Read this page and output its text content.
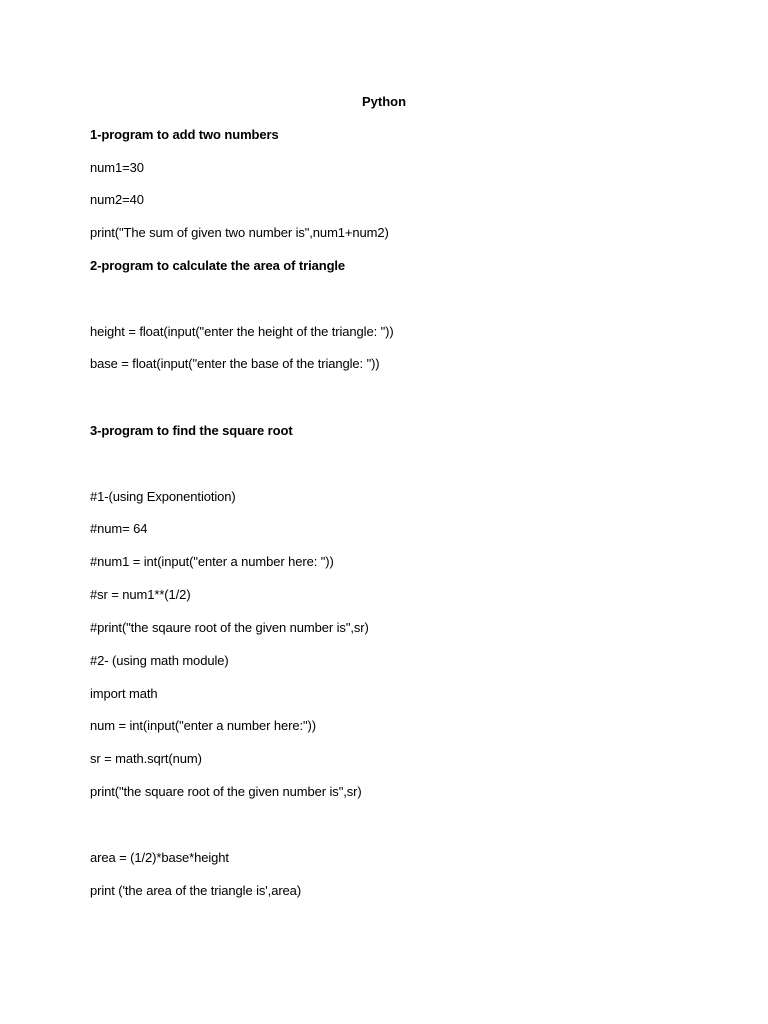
Python
1-program to add two numbers
num1=30
num2=40
print("The sum of given two number is",num1+num2)
2-program to calculate the area of triangle
height = float(input("enter the height of the triangle: "))
base = float(input("enter the base of the triangle: "))
3-program to find the square root
#1-(using Exponentiotion)
#num= 64
#num1 = int(input("enter a number here: "))
#sr = num1**(1/2)
#print("the sqaure root of the given number is",sr)
#2- (using math module)
import math
num = int(input("enter a number here:"))
sr = math.sqrt(num)
print("the square root of the given number is",sr)
area = (1/2)*base*height
print ('the area of the triangle is',area)
